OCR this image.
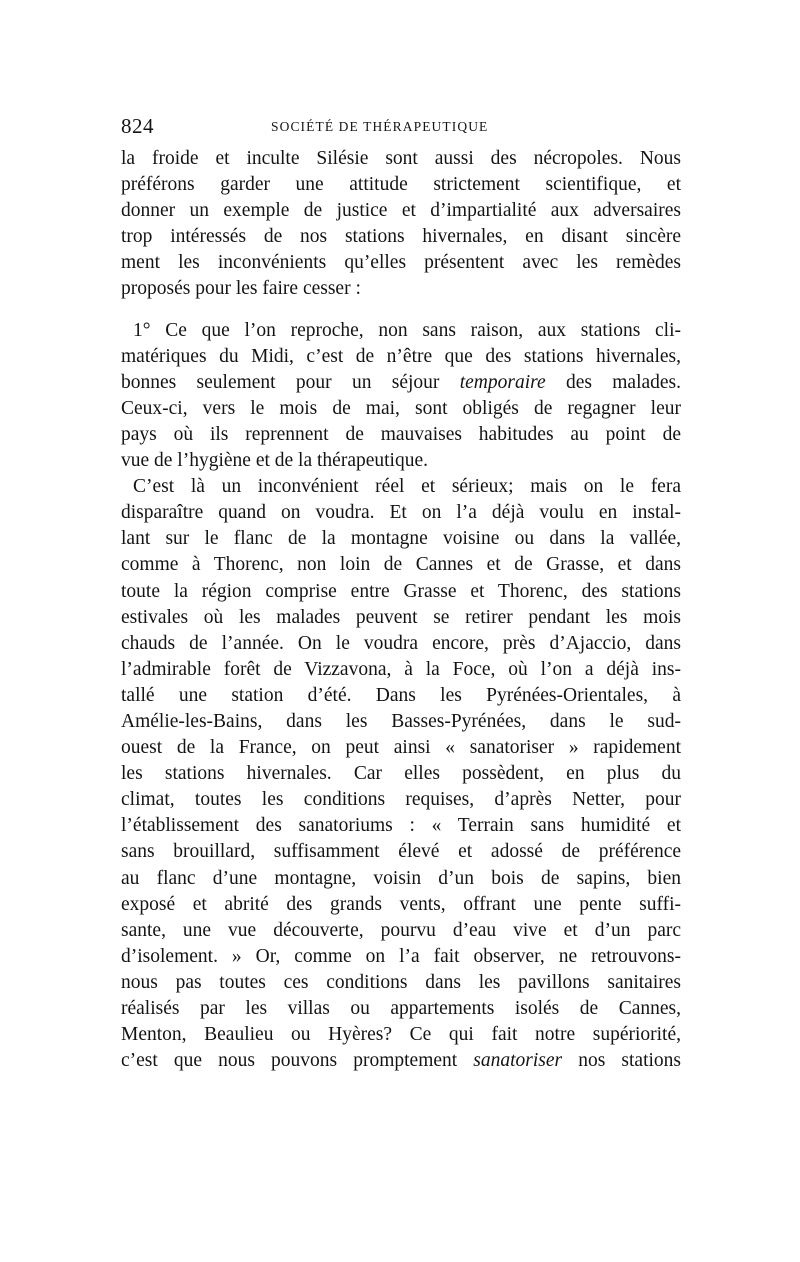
824	SOCIÉTÉ DE THÉRAPEUTIQUE
la froide et inculte Silésie sont aussi des nécropoles. Nous
préférons garder une attitude strictement scientifique, et
donner un exemple de justice et d’impartialité aux adversaires
trop intéressés de nos stations hivernales, en disant sincère
ment les inconvénients qu’elles présentent avec les remèdes
proposés pour les faire cesser :
1° Ce que l’on reproche, non sans raison, aux stations cli-
matériques du Midi, c’est de n’être que des stations hivernales,
bonnes seulement pour un séjour temporaire des malades.
Ceux-ci, vers le mois de mai, sont obligés de regagner leur
pays où ils reprennent de mauvaises habitudes au point de
vue de l’hygiène et de la thérapeutique.
C’est là un inconvénient réel et sérieux; mais on le fera
disparaître quand on voudra. Et on l’a déjà voulu en instal-
lant sur le flanc de la montagne voisine ou dans la vallée,
comme à Thorenc, non loin de Cannes et de Grasse, et dans
toute la région comprise entre Grasse et Thorenc, des stations
estivales où les malades peuvent se retirer pendant les mois
chauds de l’année. On le voudra encore, près d’Ajaccio, dans
l’admirable forêt de Vizzavona, à la Foce, où l’on a déjà ins-
tallé une station d’été. Dans les Pyrénées-Orientales, à
Amélie-les-Bains, dans les Basses-Pyrénées, dans le sud-
ouest de la France, on peut ainsi « sanatoriser » rapidement
les stations hivernales. Car elles possèdent, en plus du
climat, toutes les conditions requises, d’après Netter, pour
l’établissement des sanatoriums : « Terrain sans humidité et
sans brouillard, suffisamment élevé et adossé de préférence
au flanc d’une montagne, voisin d’un bois de sapins, bien
exposé et abrité des grands vents, offrant une pente suffi-
sante, une vue découverte, pourvu d’eau vive et d’un parc
d’isolement. » Or, comme on l’a fait observer, ne retrouvons-
nous pas toutes ces conditions dans les pavillons sanitaires
réalisés par les villas ou appartements isolés de Cannes,
Menton, Beaulieu ou Hyères? Ce qui fait notre supériorité,
c’est que nous pouvons promptement sanatoriser nos stations
